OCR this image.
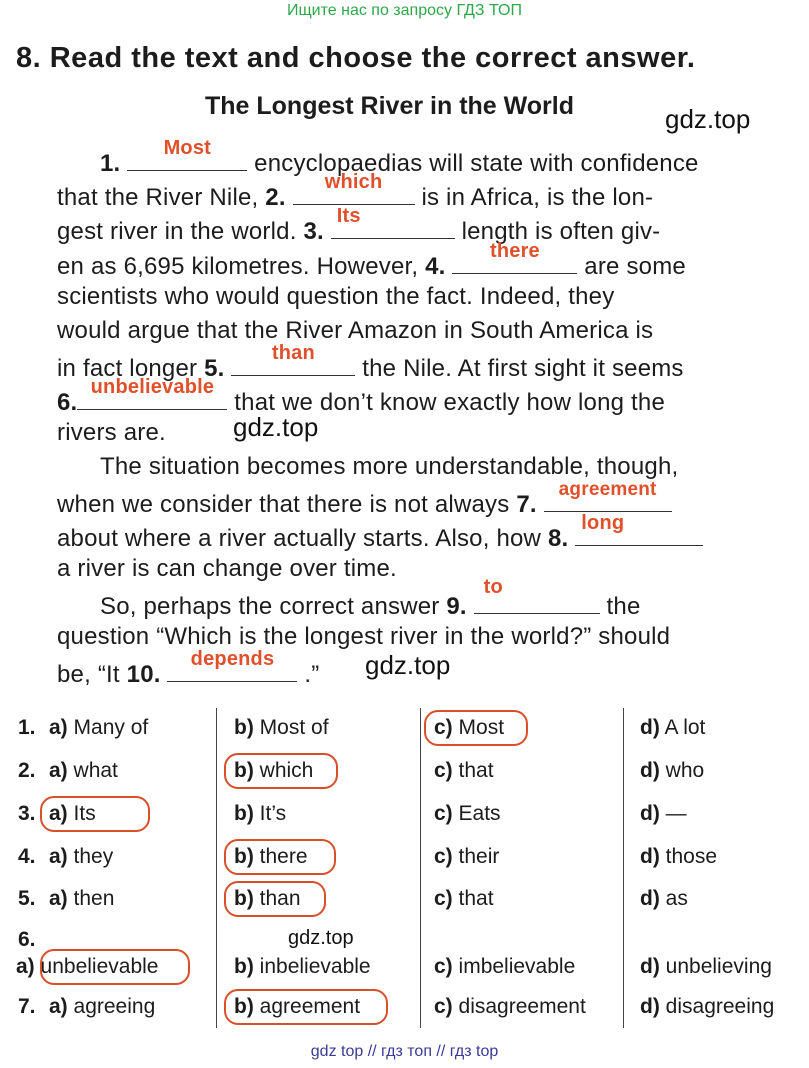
Ищите нас по запросу ГДЗ ТОП
8. Read the text and choose the correct answer.
The Longest River in the World	gdz.top
gdz.top
gdz.top
gdz.top
1.
Most
encyclopaedias will state with confidence
that the River Nile, 2.
which
is in Africa, is the lon-
gest river in the world. 3.
Its
length is often giv-
en as 6,695 kilometres. However, 4.
there
are some
scientists who would question the fact. Indeed, they
would argue that the River Amazon in South America is
in fact longer 5.
than
the Nile. At first sight it seems
6.
unbelievable
that we don’t know exactly how long the
rivers are.
The situation becomes more understandable, though,
when we consider that there is not always 7.
agreement
about where a river actually starts. Also, how 8.
long
a river is can change over time.
So, perhaps the correct answer 9.
to
the
question “Which is the longest river in the world?” should
be, “It 10.
depends
.”
1. a) Many of	b) Most of	c) Most	d) A lot
2. a) what	b) which	c) that	d) who
3. a) Its	b) It’s	c) Eats	d) —
4. a) they	b) there	c) their	d) those
5. a) then	b) than	c) that	d) as
6.
a) unbelievable	b) inbelievable	c) imbelievable	d) unbelieving
7. a) agreeing	b) agreement	c) disagreement	d) disagreeing
gdz top // гдз топ // гдз top
